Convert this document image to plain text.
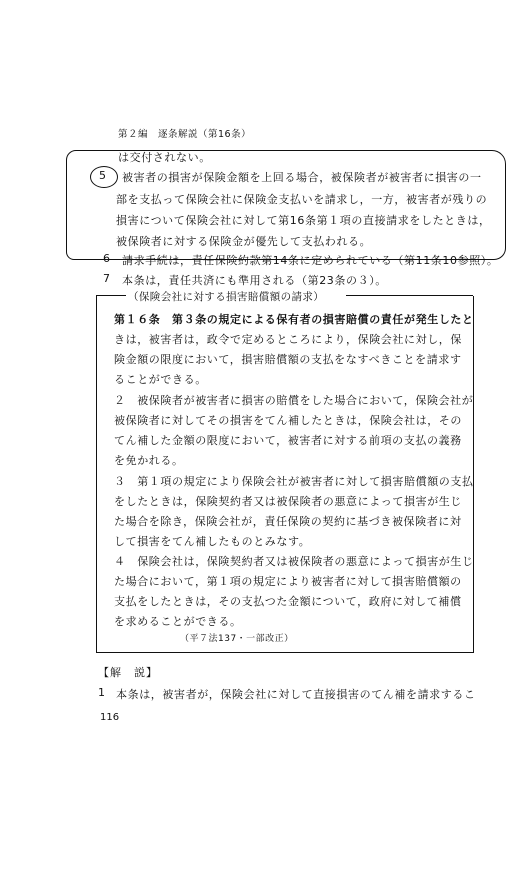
第２編　逐条解説（第16条）
は交付されない。
5 被害者の損害が保険金額を上回る場合，被保険者が被害者に損害の一
部を支払って保険会社に保険金支払いを請求し，一方，被害者が残りの
損害について保険会社に対して第16条第１項の直接請求をしたときは，
被保険者に対する保険金が優先して支払われる。
6 請求手続は，責任保険約款第14条に定められている（第11条10参照）。
7 本条は，責任共済にも準用される（第23条の３）。
（保険会社に対する損害賠償額の請求）
第１６条　第３条の規定による保有者の損害賠償の責任が発生したと
きは，被害者は，政令で定めるところにより，保険会社に対し，保
険金額の限度において，損害賠償額の支払をなすべきことを請求す
ることができる。
２　被保険者が被害者に損害の賠償をした場合において，保険会社が
被保険者に対してその損害をてん補したときは，保険会社は，その
てん補した金額の限度において，被害者に対する前項の支払の義務
を免かれる。
３　第１項の規定により保険会社が被害者に対して損害賠償額の支払
をしたときは，保険契約者又は被保険者の悪意によって損害が生じ
た場合を除き，保険会社が，責任保険の契約に基づき被保険者に対
して損害をてん補したものとみなす。
４　保険会社は，保険契約者又は被保険者の悪意によって損害が生じ
た場合において，第１項の規定により被害者に対して損害賠償額の
支払をしたときは，その支払つた金額について，政府に対して補償
を求めることができる。
（平７法137・一部改正）
【解　説】
1 本条は，被害者が，保険会社に対して直接損害のてん補を請求するこ
116
